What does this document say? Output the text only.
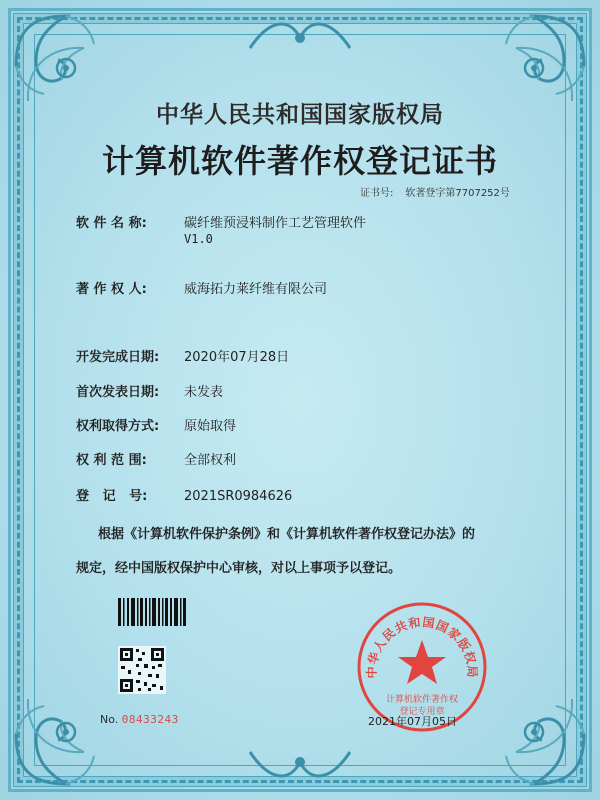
中华人民共和国国家版权局
计算机软件著作权登记证书
证书号: 软著登字第7707252号
软 件 名 称:	碳纤维预浸料制作工艺管理软件
V1.0
著 作 权 人:	威海拓力莱纤维有限公司
开发完成日期: 2020年07月28日
首次发表日期: 未发表
权利取得方式: 原始取得
权 利 范 围:	全部权利
登   记   号:	2021SR0984626
根据《计算机软件保护条例》和《计算机软件著作权登记办法》的
规定，经中国版权保护中心审核，对以上事项予以登记。
No. 08433243
中华人民共和国国家版权局
计算机软件著作权
登记专用章
2021年07月05日
